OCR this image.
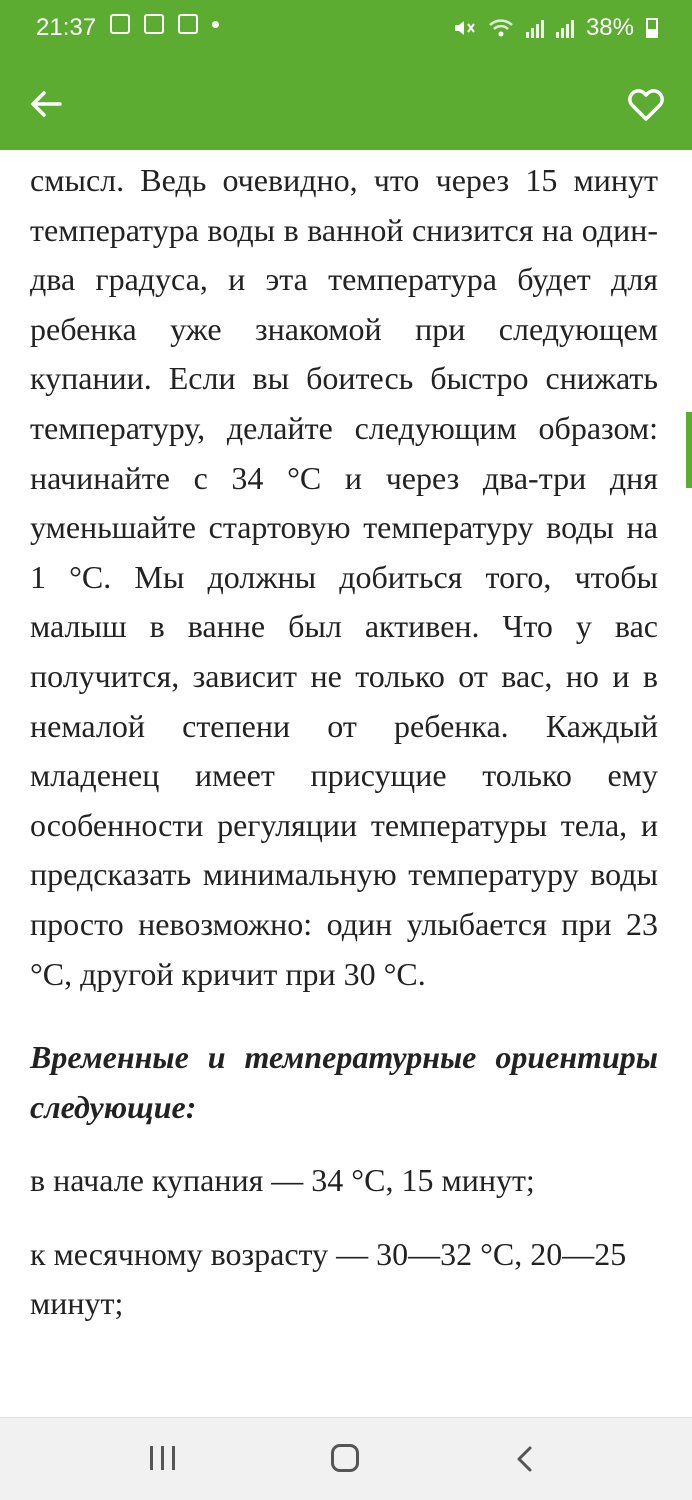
21:37	38%

смысл. Ведь очевидно, что через 15 минут температура воды в ванной снизится на один-два градуса, и эта температура будет для ребенка уже знакомой при следующем купании. Если вы боитесь быстро снижать температуру, делайте следующим образом: начинайте с 34 °С и через два-три дня уменьшайте стартовую температуру воды на 1 °С. Мы должны добиться того, чтобы малыш в ванне был активен. Что у вас получится, зависит не только от вас, но и в немалой степени от ребенка. Каждый младенец имеет присущие только ему особенности регуляции температуры тела, и предсказать минимальную температуру воды просто невозможно: один улыбается при 23 °С, другой кричит при 30 °С.

Временные и температурные ориентиры следующие:

в начале купания — 34 °С, 15 минут;

к месячному возрасту — 30—32 °С, 20—25 минут;
